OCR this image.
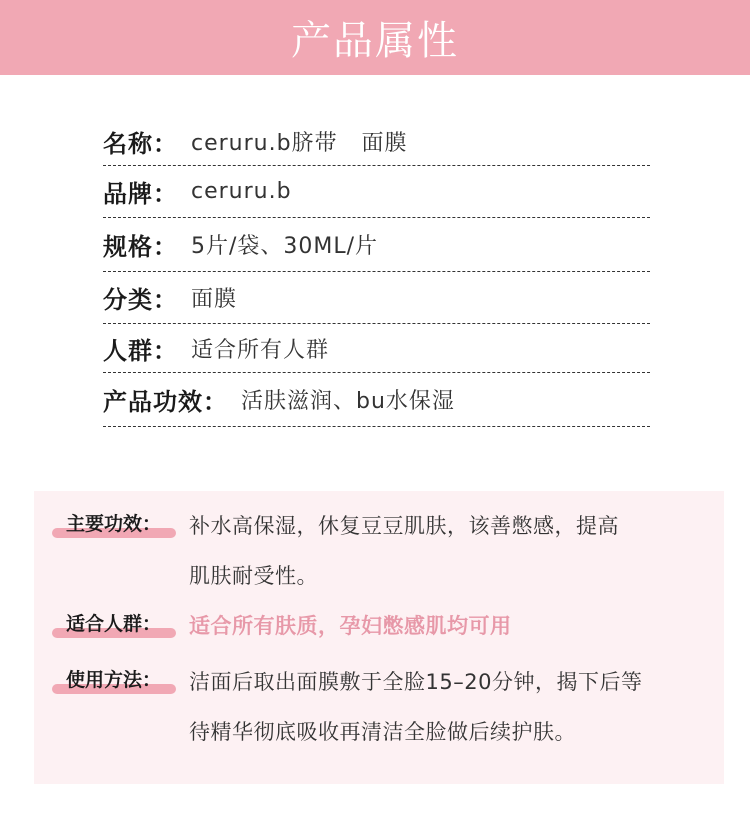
产品属性
名称 ： ceruru.b脐带   面膜
品牌 ： ceruru.b
规格 ： 5片/袋、30ML/片
分类 ： 面膜
人群 ： 适合所有人群
产品功效 ： 活肤滋润、bu水保湿
主要功效：	补水高保湿，休复豆豆肌肤，该善憋感，提高
肌肤耐受性。
适合人群：	适合所有肤质，孕妇憋感肌均可用
使用方法：	洁面后取出面膜敷于全脸15–20分钟，揭下后等
待精华彻底吸收再清洁全脸做后续护肤。
